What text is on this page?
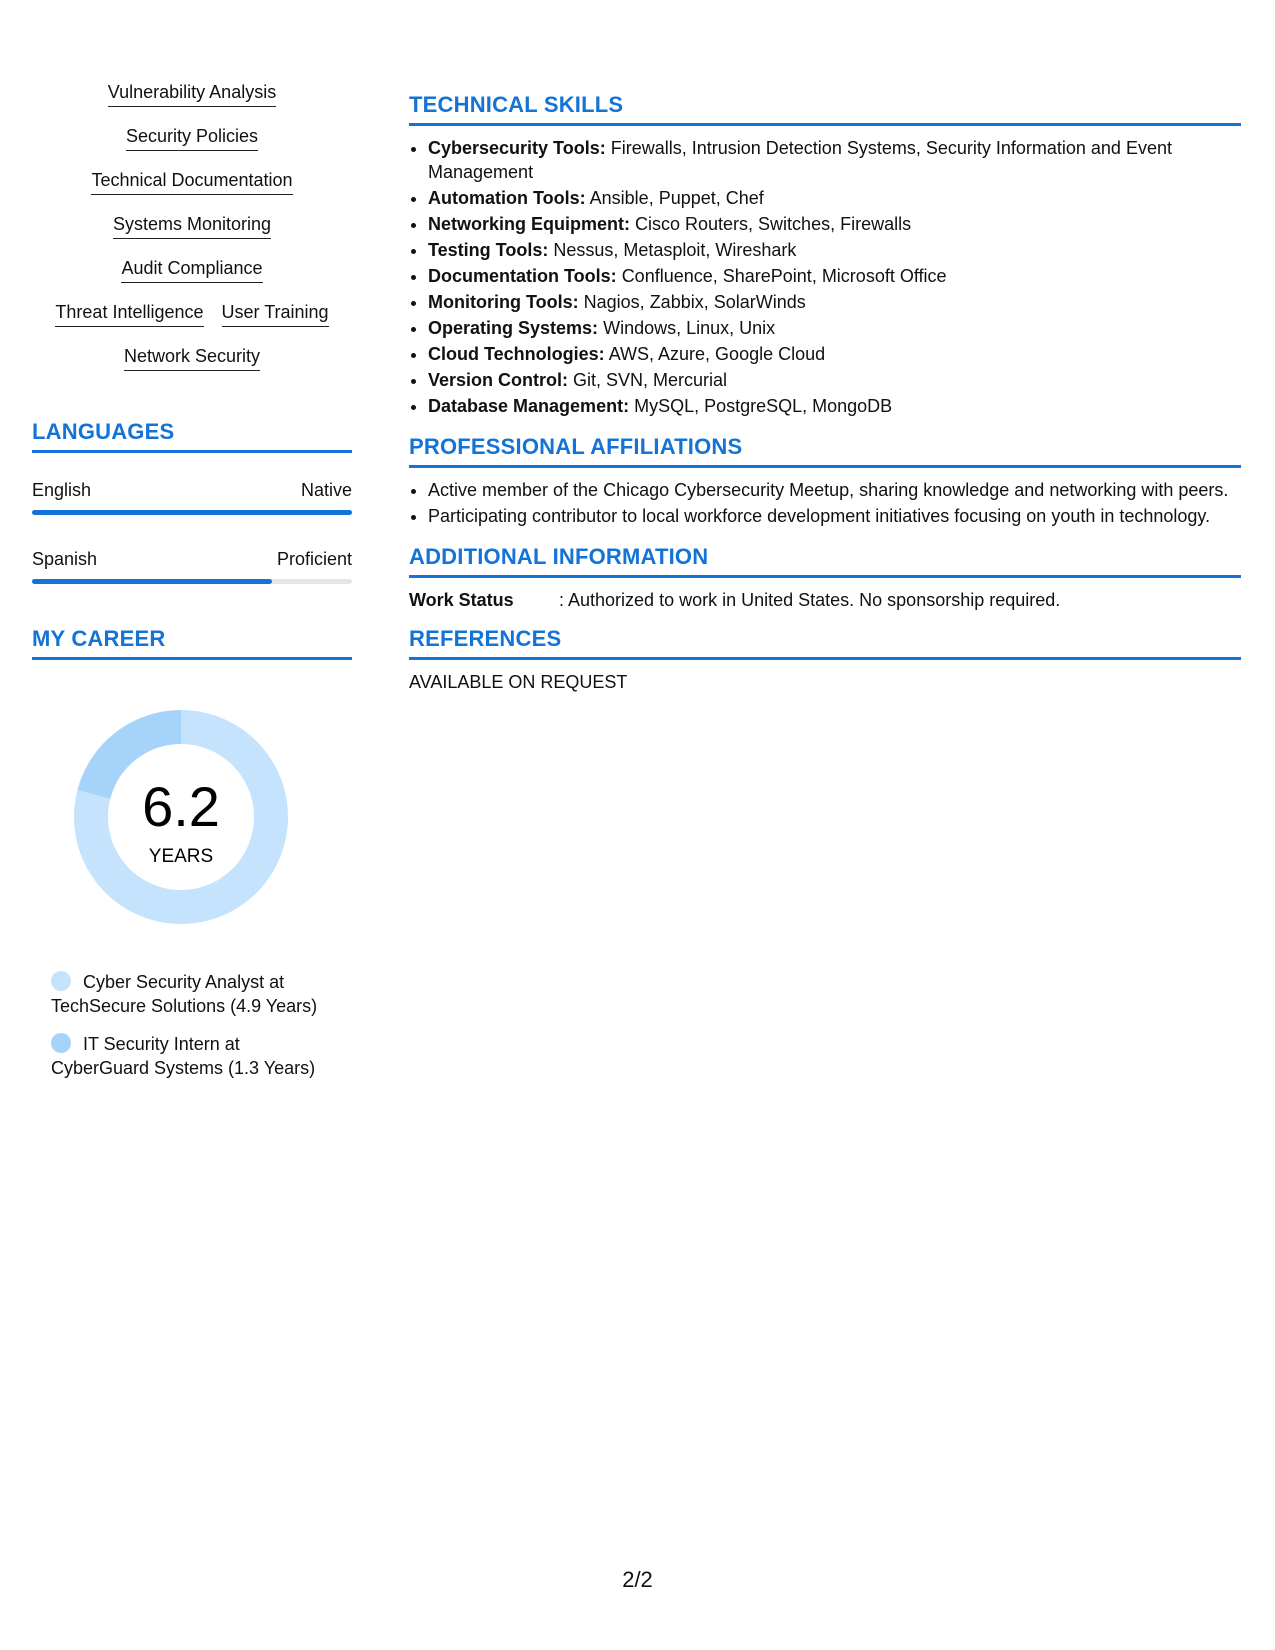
Vulnerability Analysis
Security Policies
Technical Documentation
Systems Monitoring
Audit Compliance
Threat Intelligence User Training
Network Security
LANGUAGES
English	Native
Spanish	Proficient
MY CAREER
6.2
YEARS
Cyber Security Analyst at TechSecure Solutions (4.9 Years)
IT Security Intern at CyberGuard Systems (1.3 Years)
TECHNICAL SKILLS
• Cybersecurity Tools: Firewalls, Intrusion Detection Systems, Security Information and Event Management
• Automation Tools: Ansible, Puppet, Chef
• Networking Equipment: Cisco Routers, Switches, Firewalls
• Testing Tools: Nessus, Metasploit, Wireshark
• Documentation Tools: Confluence, SharePoint, Microsoft Office
• Monitoring Tools: Nagios, Zabbix, SolarWinds
• Operating Systems: Windows, Linux, Unix
• Cloud Technologies: AWS, Azure, Google Cloud
• Version Control: Git, SVN, Mercurial
• Database Management: MySQL, PostgreSQL, MongoDB
PROFESSIONAL AFFILIATIONS
• Active member of the Chicago Cybersecurity Meetup, sharing knowledge and networking with peers.
• Participating contributor to local workforce development initiatives focusing on youth in technology.
ADDITIONAL INFORMATION
Work Status	: Authorized to work in United States. No sponsorship required.
REFERENCES
AVAILABLE ON REQUEST
2/2
